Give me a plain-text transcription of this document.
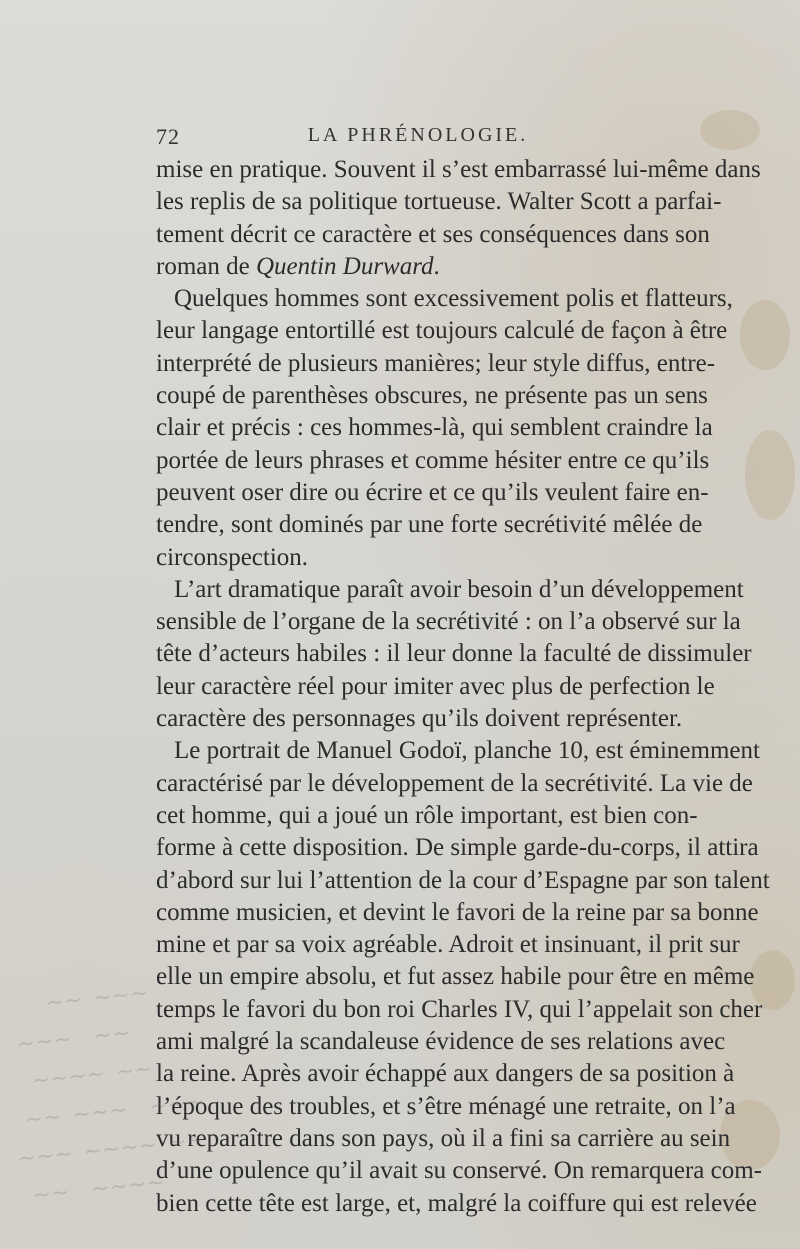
72	LA PHRÉNOLOGIE.
mise en pratique. Souvent il s’est embarrassé lui-même dans
les replis de sa politique tortueuse. Walter Scott a parfai-
tement décrit ce caractère et ses conséquences dans son
roman de Quentin Durward.
Quelques hommes sont excessivement polis et flatteurs,
leur langage entortillé est toujours calculé de façon à être
interprété de plusieurs manières; leur style diffus, entre-
coupé de parenthèses obscures, ne présente pas un sens
clair et précis : ces hommes-là, qui semblent craindre la
portée de leurs phrases et comme hésiter entre ce qu’ils
peuvent oser dire ou écrire et ce qu’ils veulent faire en-
tendre, sont dominés par une forte secrétivité mêlée de
circonspection.
L’art dramatique paraît avoir besoin d’un développement
sensible de l’organe de la secrétivité : on l’a observé sur la
tête d’acteurs habiles : il leur donne la faculté de dissimuler
leur caractère réel pour imiter avec plus de perfection le
caractère des personnages qu’ils doivent représenter.
Le portrait de Manuel Godoï, planche 10, est éminemment
caractérisé par le développement de la secrétivité. La vie de
cet homme, qui a joué un rôle important, est bien con-
forme à cette disposition. De simple garde-du-corps, il attira
d’abord sur lui l’attention de la cour d’Espagne par son talent
comme musicien, et devint le favori de la reine par sa bonne
mine et par sa voix agréable. Adroit et insinuant, il prit sur
elle un empire absolu, et fut assez habile pour être en même
temps le favori du bon roi Charles IV, qui l’appelait son cher
ami malgré la scandaleuse évidence de ses relations avec
la reine. Après avoir échappé aux dangers de sa position à
l’époque des troubles, et s’être ménagé une retraite, on l’a
vu reparaître dans son pays, où il a fini sa carrière au sein
d’une opulence qu’il avait su conservé. On remarquera com-
bien cette tête est large, et, malgré la coiffure qui est relevée
    ∼∼ ∼∼∼
 ∼∼∼  ∼∼
  ∼∼∼∼ ∼∼
 ∼∼ ∼∼∼  ∼∼∼
∼∼∼ ∼∼∼∼ ∼∼
 ∼∼  ∼∼∼∼
